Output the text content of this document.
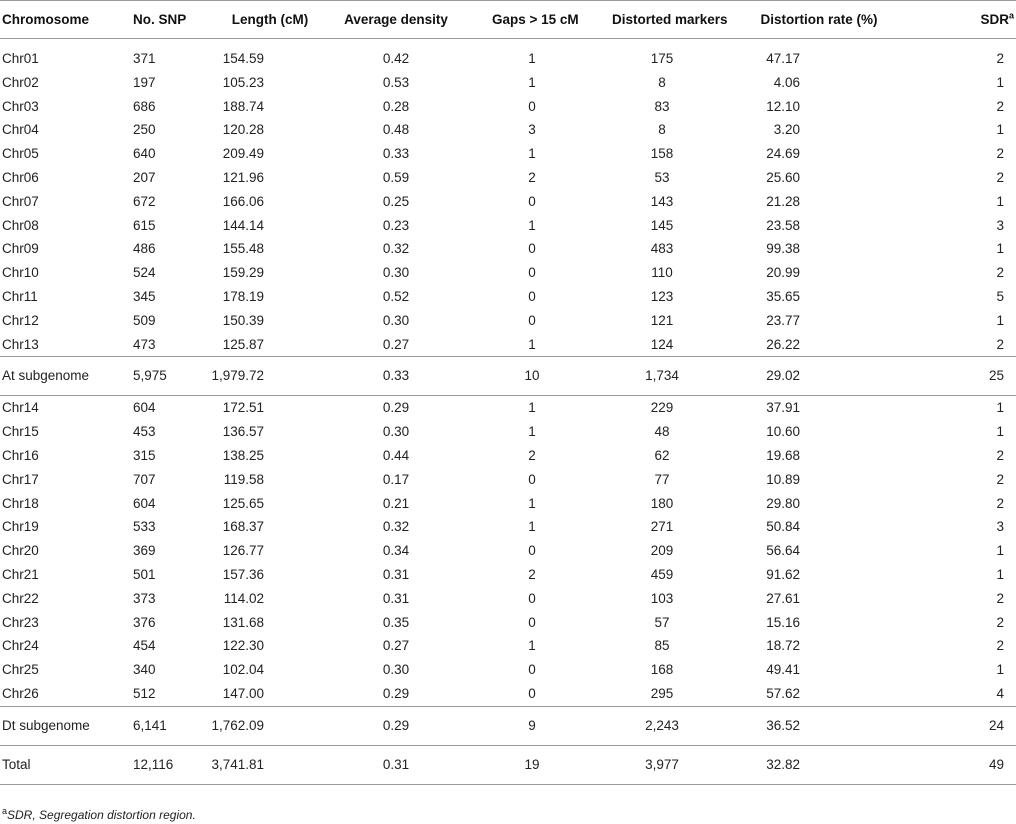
Chromosome	No. SNP	Length (cM)	Average density	Gaps > 15 cM	Distorted markers	Distortion rate (%)	SDR$^a$
Chr01	371	154.59	0.42	1	175	47.17	2
Chr02	197	105.23	0.53	1	8	4.06	1
Chr03	686	188.74	0.28	0	83	12.10	2
Chr04	250	120.28	0.48	3	8	3.20	1
Chr05	640	209.49	0.33	1	158	24.69	2
Chr06	207	121.96	0.59	2	53	25.60	2
Chr07	672	166.06	0.25	0	143	21.28	1
Chr08	615	144.14	0.23	1	145	23.58	3
Chr09	486	155.48	0.32	0	483	99.38	1
Chr10	524	159.29	0.30	0	110	20.99	2
Chr11	345	178.19	0.52	0	123	35.65	5
Chr12	509	150.39	0.30	0	121	23.77	1
Chr13	473	125.87	0.27	1	124	26.22	2
At subgenome	5,975	1,979.72	0.33	10	1,734	29.02	25
Chr14	604	172.51	0.29	1	229	37.91	1
Chr15	453	136.57	0.30	1	48	10.60	1
Chr16	315	138.25	0.44	2	62	19.68	2
Chr17	707	119.58	0.17	0	77	10.89	2
Chr18	604	125.65	0.21	1	180	29.80	2
Chr19	533	168.37	0.32	1	271	50.84	3
Chr20	369	126.77	0.34	0	209	56.64	1
Chr21	501	157.36	0.31	2	459	91.62	1
Chr22	373	114.02	0.31	0	103	27.61	2
Chr23	376	131.68	0.35	0	57	15.16	2
Chr24	454	122.30	0.27	1	85	18.72	2
Chr25	340	102.04	0.30	0	168	49.41	1
Chr26	512	147.00	0.29	0	295	57.62	4
Dt subgenome	6,141	1,762.09	0.29	9	2,243	36.52	24
Total	12,116	3,741.81	0.31	19	3,977	32.82	49
$^a$SDR, Segregation distortion region.
